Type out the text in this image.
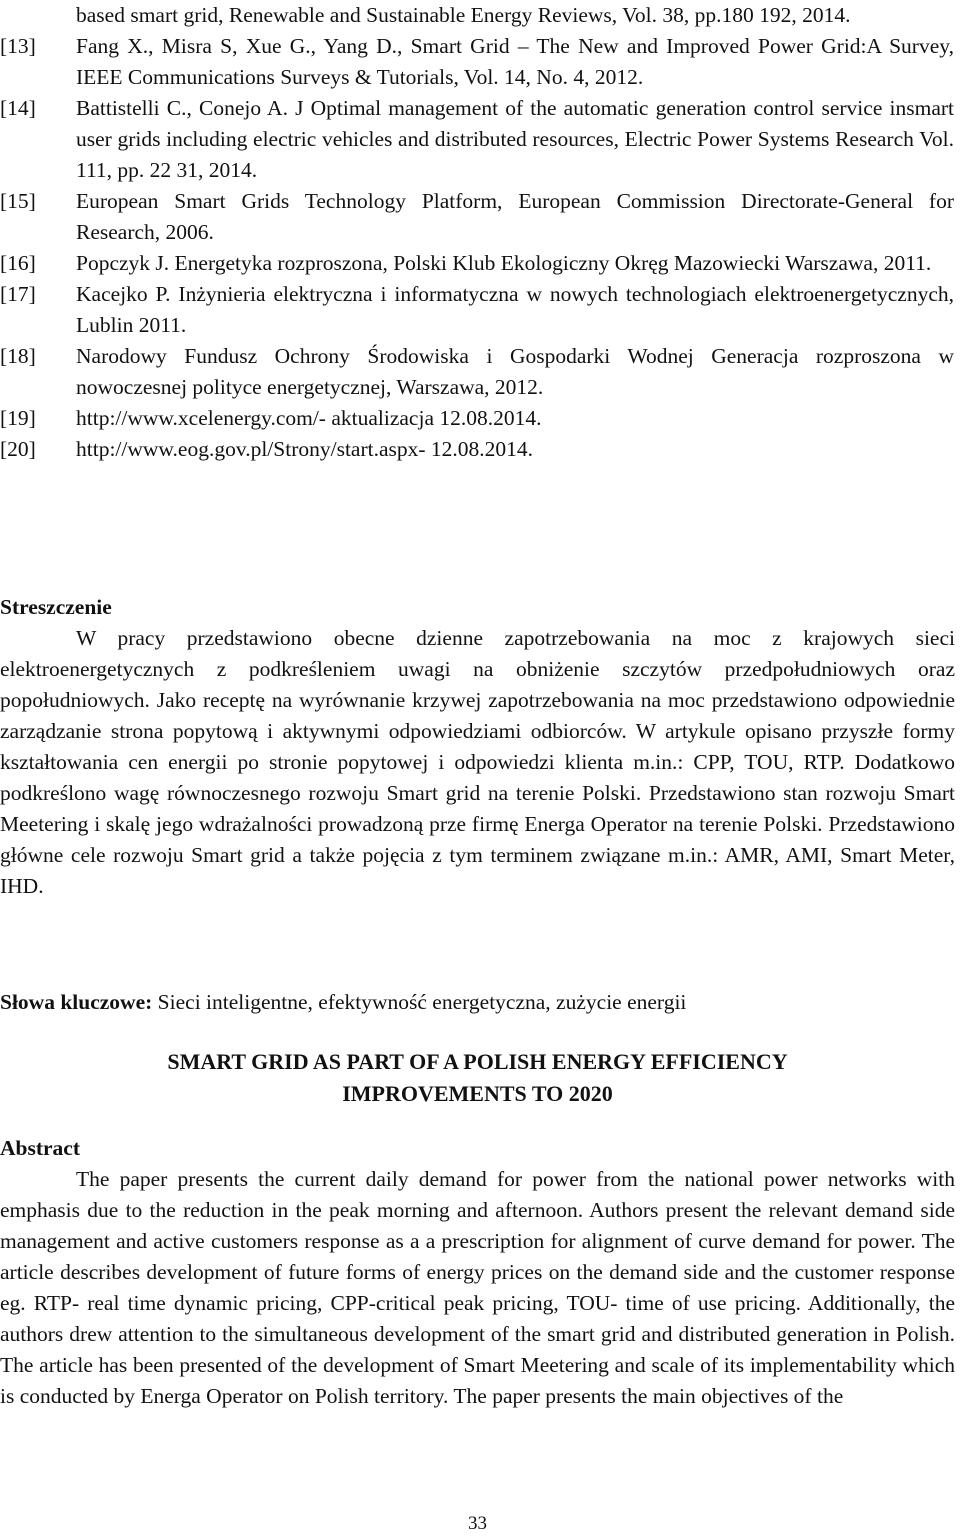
based smart grid, Renewable and Sustainable Energy Reviews, Vol. 38, pp.180 192, 2014.
[13]	Fang X., Misra S, Xue G., Yang D., Smart Grid – The New and Improved Power Grid:A Survey, IEEE Communications Surveys & Tutorials, Vol. 14, No. 4, 2012.
[14]	Battistelli C., Conejo A. J Optimal management of the automatic generation control service insmart user grids including electric vehicles and distributed resources, Electric Power Systems Research Vol. 111, pp. 22 31, 2014.
[15]	European Smart Grids Technology Platform, European Commission Directorate-General for Research, 2006.
[16]	Popczyk J. Energetyka rozproszona, Polski Klub Ekologiczny Okręg Mazowiecki Warszawa, 2011.
[17]	Kacejko P. Inżynieria elektryczna i informatyczna w nowych technologiach elektroenergetycznych, Lublin 2011.
[18]	Narodowy Fundusz Ochrony Środowiska i Gospodarki Wodnej Generacja rozproszona w nowoczesnej polityce energetycznej, Warszawa, 2012.
[19]	http://www.xcelenergy.com/- aktualizacja 12.08.2014.
[20]	http://www.eog.gov.pl/Strony/start.aspx- 12.08.2014.
Streszczenie

W pracy przedstawiono obecne dzienne zapotrzebowania na moc z krajowych sieci elektroenergetycznych z podkreśleniem uwagi na obniżenie szczytów przedpołudniowych oraz popołudniowych. Jako receptę na wyrównanie krzywej zapotrzebowania na moc przedstawiono odpowiednie zarządzanie strona popytową i aktywnymi odpowiedziami odbiorców. W artykule opisano przyszłe formy kształtowania cen energii po stronie popytowej i odpowiedzi klienta m.in.: CPP, TOU, RTP. Dodatkowo podkreślono wagę równoczesnego rozwoju Smart grid na terenie Polski. Przedstawiono stan rozwoju Smart Meetering i skalę jego wdrażalności prowadzoną prze firmę Energa Operator na terenie Polski. Przedstawiono główne cele rozwoju Smart grid a także pojęcia z tym terminem związane m.in.: AMR, AMI, Smart Meter, IHD.

Słowa kluczowe: Sieci inteligentne, efektywność energetyczna, zużycie energii
SMART GRID AS PART OF A POLISH ENERGY EFFICIENCY
IMPROVEMENTS TO 2020
Abstract

The paper presents the current daily demand for power from the national power networks with emphasis due to the reduction in the peak morning and afternoon. Authors present the relevant demand side management and active customers response as a a prescription for alignment of curve demand for power. The article describes development of future forms of energy prices on the demand side and the customer response eg. RTP- real time dynamic pricing, CPP-critical peak pricing, TOU- time of use pricing. Additionally, the authors drew attention to the simultaneous development of the smart grid and distributed generation in Polish. The article has been presented of the development of Smart Meetering and scale of its implementability which is conducted by Energa Operator on Polish territory. The paper presents the main objectives of the

33
